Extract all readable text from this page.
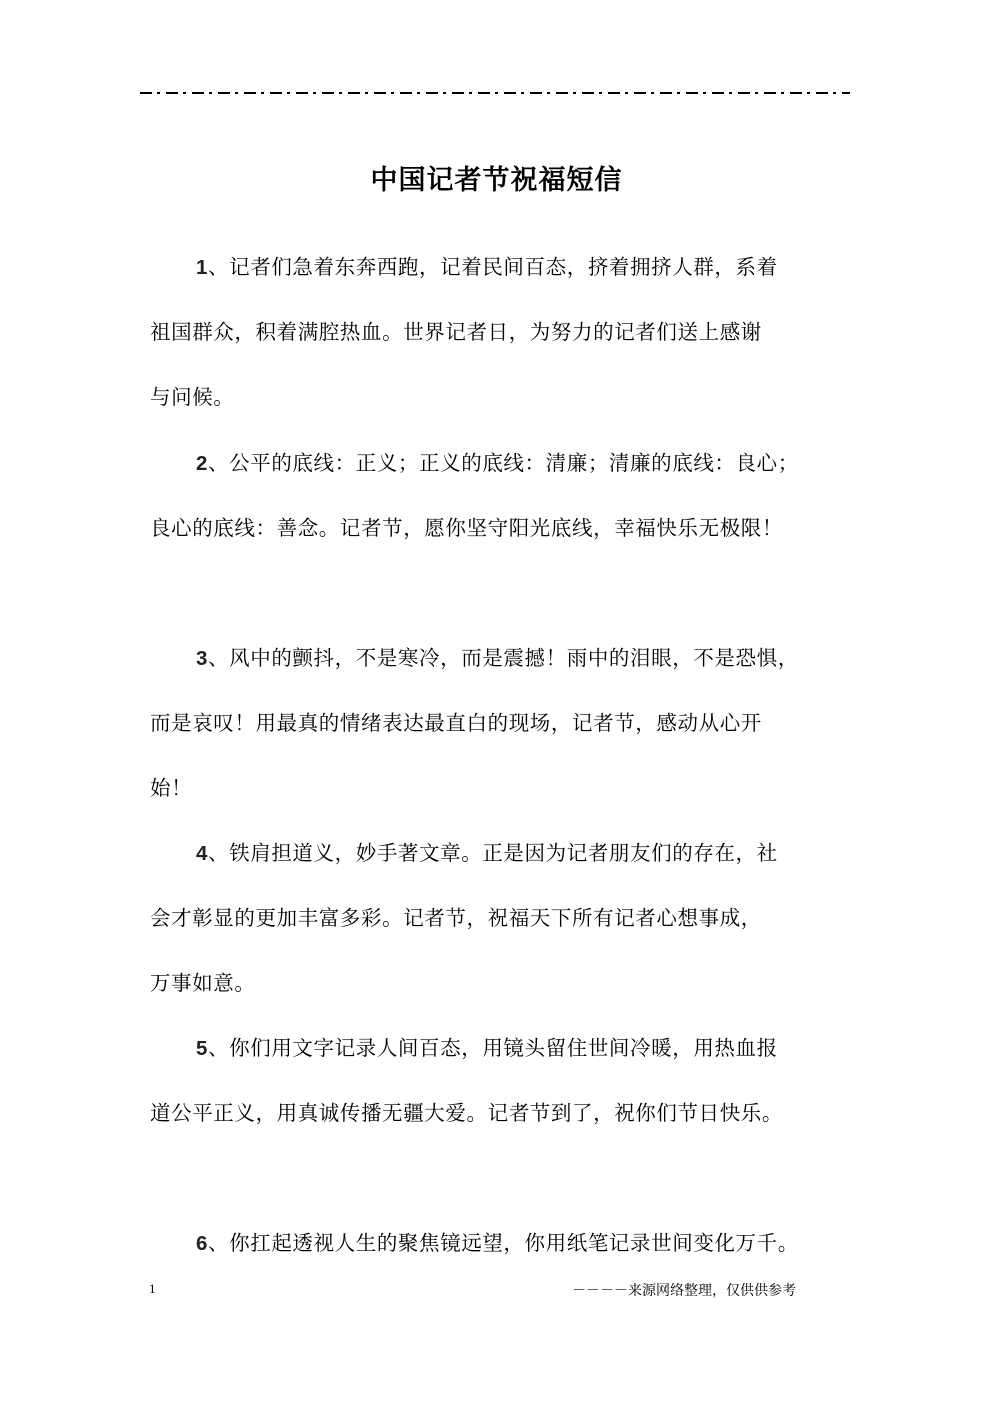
中国记者节祝福短信
1、记者们急着东奔西跑，记着民间百态，挤着拥挤人群，系着
祖国群众，积着满腔热血。世界记者日，为努力的记者们送上感谢
与问候。
2、公平的底线：正义；正义的底线：清廉；清廉的底线：良心；
良心的底线：善念。记者节，愿你坚守阳光底线，幸福快乐无极限！
3、风中的颤抖，不是寒冷，而是震撼！雨中的泪眼，不是恐惧，
而是哀叹！用最真的情绪表达最直白的现场，记者节，感动从心开
始！
4、铁肩担道义，妙手著文章。正是因为记者朋友们的存在，社
会才彰显的更加丰富多彩。记者节，祝福天下所有记者心想事成，
万事如意。
5、你们用文字记录人间百态，用镜头留住世间冷暖，用热血报
道公平正义，用真诚传播无疆大爱。记者节到了，祝你们节日快乐。
6、你扛起透视人生的聚焦镜远望，你用纸笔记录世间变化万千。
1	－－－－来源网络整理，仅供供参考
